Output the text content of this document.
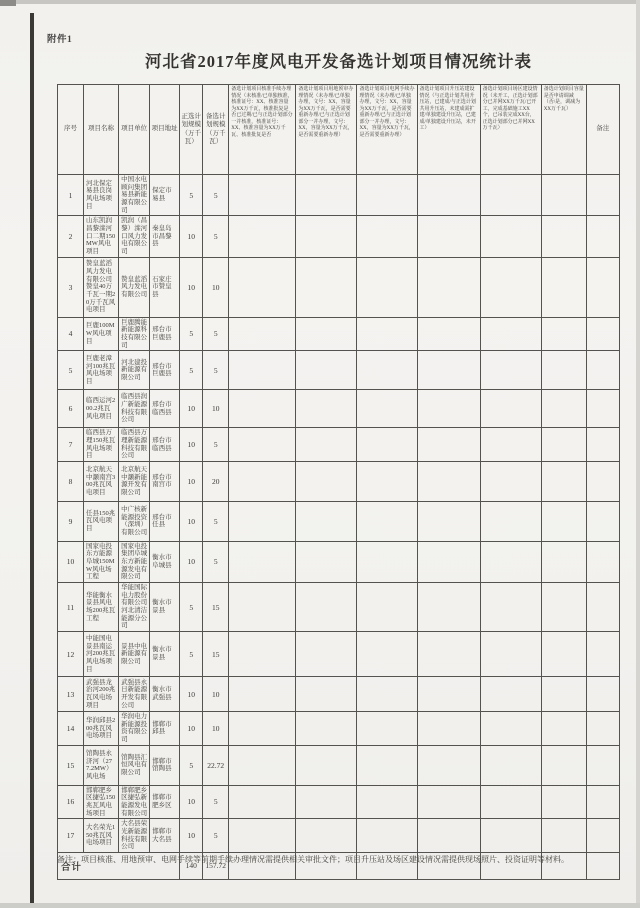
附件1
河北省2017年度风电开发备选计划项目情况统计表
序号	项目名称	项目单位	项目地址	正选计划规模（万千瓦）	备选计划规模（万千瓦）	备选计划项目核准手续办理情况（未核准/已单独核准，核准证号：XX、核准容量为XX万千瓦，核准批复是否已过期/已与正选计划部分一并核准，核准证号：XX、核准容量为XX万千瓦、核准批复是否	备选计划项目用地预审办理情况（未办理/已单独办理，文号：XX，容量为XX万千瓦，是否需要重新办理/已与正选计划部分一并办理，文号：XX，容量为XX万千瓦，是否需要重新办理）	备选计划项目电网手续办理情况（未办理/已单独办理，文号：XX，容量为XX万千瓦，是否需要重新办理/已与正选计划部分一并办理，文号：XX，容量为XX万千瓦，是否需要重新办理）	备选计划项目升压站建设情况（与正选计划共用升压站，已建成/与正选计划共用升压站，未建成需扩建/单独建设升压站，已建成/单独建设升压站，未开工）	备选计划项目场区建设情况（未开工，正选计划部分已并网XX万千瓦/已开工，完成基础施工XX个，已吊装完成XX台，正选计划部分已并网XX万千瓦）	备选计划项目容量是否申请调减（否/是，调减为XX万千瓦）	备注
1	河北保定易县良岗风电场项目	中国水电顾问集团易县新能源有限公司	保定市易县	5	5							
2	山东凯润昌黎滦河口二期150MW风电项目	凯润（昌黎）滦河口风力发电有限公司	秦皇岛市昌黎县	10	5							
3	赞皇蓝滔风力发电有限公司赞皇40万千瓦一期20万千瓦风电项目	赞皇蓝滔风力发电有限公司	石家庄市赞皇县	10	10							
4	巨鹿100MW风电项目	巨鹿腾能新能源科技有限公司	邢台市巨鹿县	5	5							
5	巨鹿老漳河100兆瓦风电场项目	河北建投新能源有限公司	邢台市巨鹿县	5	5							
6	临西运河200.2兆瓦风电项目	临西县润广新能源科技有限公司	邢台市临西县	10	10							
7	临西县万理150兆瓦风电场项目	临西县万理新能源科技有限公司	邢台市临西县	10	5							
8	北京航天中灏南宫300兆瓦风电项目	北京航天中灏新能源开发有限公司	邢台市南宫市	10	20							
9	任县150兆瓦风电项目	中广核新能源投资（深圳）有限公司	邢台市任县	10	5							
10	国家电投东方能源阜城150MW风电场工程	国家电投集团阜城东方新能源发电有限公司	衡水市阜城县	10	5							
11	华能衡水景县风电场200兆瓦工程	华能国际电力股份有限公司河北清洁能源分公司	衡水市景县	5	15							
12	中能国电景县南运河200兆瓦风电场项目	景县中电新能源有限公司	衡水市景县	5	15							
13	武强县龙治河200兆瓦风电场项目	武强县永日新能源开发有限公司	衡水市武强县	10	10							
14	华润邱县200兆瓦风电场项目	华润电力新能源投资有限公司	邯郸市邱县	10	10							
15	馆陶县永济河（277.2MW）风电场	馆陶县汇恒风电有限公司	邯郸市馆陶县	5	22.72							
16	邯郸肥乡区捷弘150兆瓦风电场项目	邯郸肥乡区捷弘新能源发电有限公司	邯郸市肥乡区	10	5							
17	大名荣光150兆瓦风电场项目	大名县荣光新能源科技有限公司	邯郸市大名县	10	5							
合计				140	157.72							
备注：项目核准、用地预审、电网手续等前期手续办理情况需提供相关审批文件；项目升压站及场区建设情况需提供现场照片、投资证明等材料。
